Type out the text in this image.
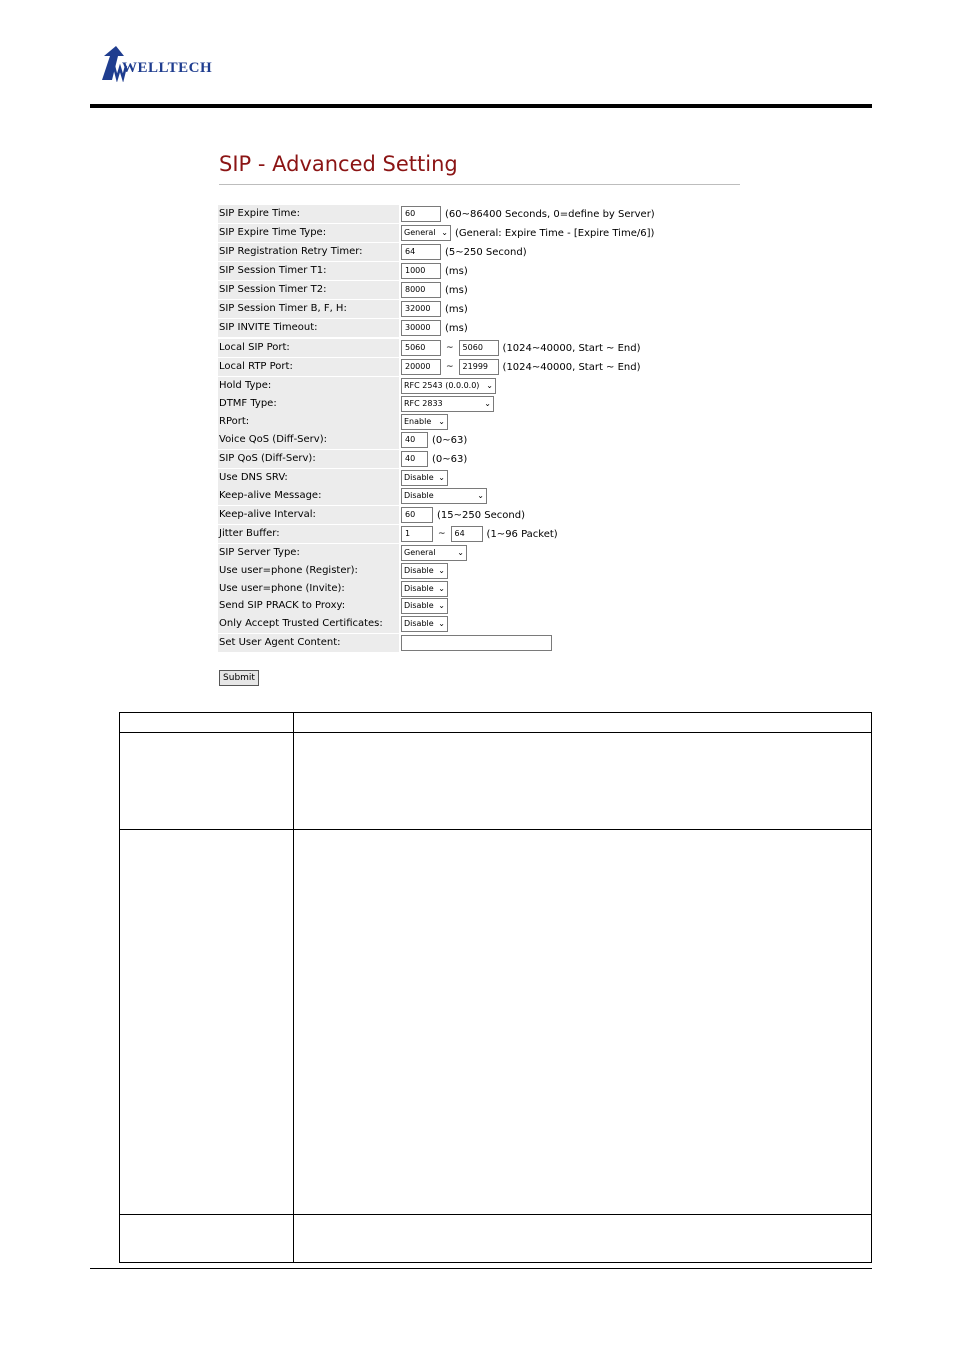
WELLTECH
SIP - Advanced Setting
SIP Expire Time:	60	(60~86400 Seconds, 0=define by Server)
SIP Expire Time Type:	General ⌄ (General: Expire Time - [Expire Time/6])
SIP Registration Retry Timer:	64	(5~250 Second)
SIP Session Timer T1:	1000	(ms)
SIP Session Timer T2:	8000	(ms)
SIP Session Timer B, F, H:	32000	(ms)
SIP INVITE Timeout:	30000	(ms)
Local SIP Port:	5060	~	5060	(1024~40000, Start ~ End)
Local RTP Port:	20000	~	21999	(1024~40000, Start ~ End)
Hold Type:	RFC 2543 (0.0.0.0) ⌄
DTMF Type:	RFC 2833	⌄
RPort:	Enable ⌄
Voice QoS (Diff-Serv):	40	(0~63)
SIP QoS (Diff-Serv):	40	(0~63)
Use DNS SRV:	Disable ⌄
Keep-alive Message:	Disable	⌄
Keep-alive Interval:	60	(15~250 Second)
Jitter Buffer:	1	~	64	(1~96 Packet)
SIP Server Type:	General	⌄
Use user=phone (Register):	Disable ⌄
Use user=phone (Invite):	Disable ⌄
Send SIP PRACK to Proxy:	Disable ⌄
Only Accept Trusted Certificates:	Disable ⌄
Set User Agent Content:
Submit
